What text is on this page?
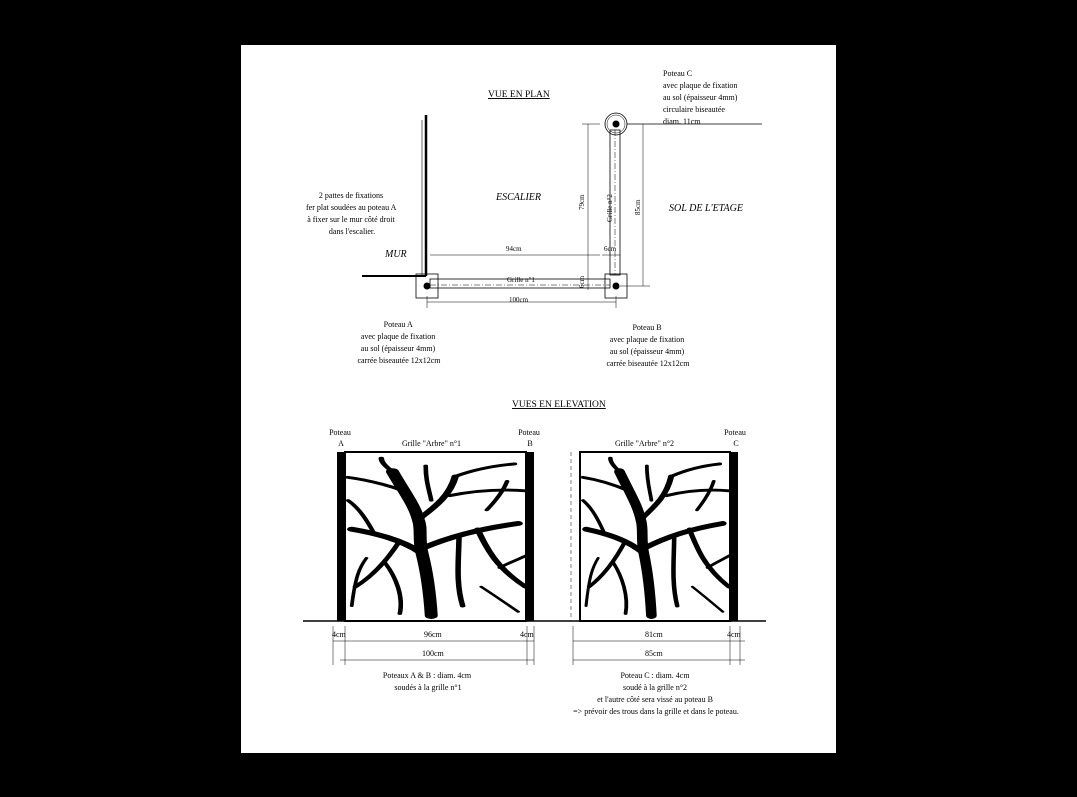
VUE EN PLAN
MUR
ESCALIER
SOL DE L'ETAGE
2 pattes de fixations fer plat soudées au poteau A à fixer sur le mur côté droit dans l'escalier.
Grille n°1
Grille n°2
94cm	6cm
100cm
6cm
79cm	85cm
Poteau C avec plaque de fixation au sol (épaisseur 4mm) circulaire biseautée diam. 11cm
Poteau A avec plaque de fixation au sol (épaisseur 4mm) carrée biseautée 12x12cm
Poteau B avec plaque de fixation au sol (épaisseur 4mm) carrée biseautée 12x12cm
VUES EN ELEVATION
Poteau A
Poteau B
Poteau C
Grille "Arbre" n°1	Grille "Arbre" n°2
4cm	96cm	4cm
100cm
81cm	4cm
85cm
Poteaux A & B : diam. 4cm soudés à la grille n°1
Poteau C : diam. 4cm soudé à la grille n°2 et l'autre côté sera vissé au poteau B => prévoir des trous dans la grille et dans le poteau.
